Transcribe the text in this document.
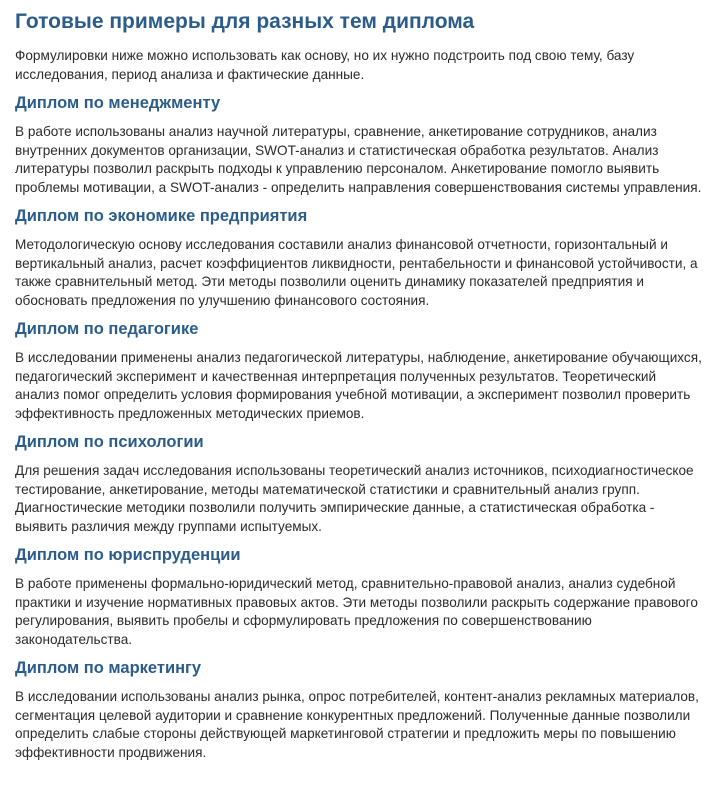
Готовые примеры для разных тем диплома

Формулировки ниже можно использовать как основу, но их нужно подстроить под свою тему, базу исследования, период анализа и фактические данные.

Диплом по менеджменту

В работе использованы анализ научной литературы, сравнение, анкетирование сотрудников, анализ внутренних документов организации, SWOT-анализ и статистическая обработка результатов. Анализ литературы позволил раскрыть подходы к управлению персоналом. Анкетирование помогло выявить проблемы мотивации, а SWOT-анализ - определить направления совершенствования системы управления.

Диплом по экономике предприятия

Методологическую основу исследования составили анализ финансовой отчетности, горизонтальный и вертикальный анализ, расчет коэффициентов ликвидности, рентабельности и финансовой устойчивости, а также сравнительный метод. Эти методы позволили оценить динамику показателей предприятия и обосновать предложения по улучшению финансового состояния.

Диплом по педагогике

В исследовании применены анализ педагогической литературы, наблюдение, анкетирование обучающихся, педагогический эксперимент и качественная интерпретация полученных результатов. Теоретический анализ помог определить условия формирования учебной мотивации, а эксперимент позволил проверить эффективность предложенных методических приемов.

Диплом по психологии

Для решения задач исследования использованы теоретический анализ источников, психодиагностическое тестирование, анкетирование, методы математической статистики и сравнительный анализ групп. Диагностические методики позволили получить эмпирические данные, а статистическая обработка - выявить различия между группами испытуемых.

Диплом по юриспруденции

В работе применены формально-юридический метод, сравнительно-правовой анализ, анализ судебной практики и изучение нормативных правовых актов. Эти методы позволили раскрыть содержание правового регулирования, выявить пробелы и сформулировать предложения по совершенствованию законодательства.

Диплом по маркетингу

В исследовании использованы анализ рынка, опрос потребителей, контент-анализ рекламных материалов, сегментация целевой аудитории и сравнение конкурентных предложений. Полученные данные позволили определить слабые стороны действующей маркетинговой стратегии и предложить меры по повышению эффективности продвижения.
